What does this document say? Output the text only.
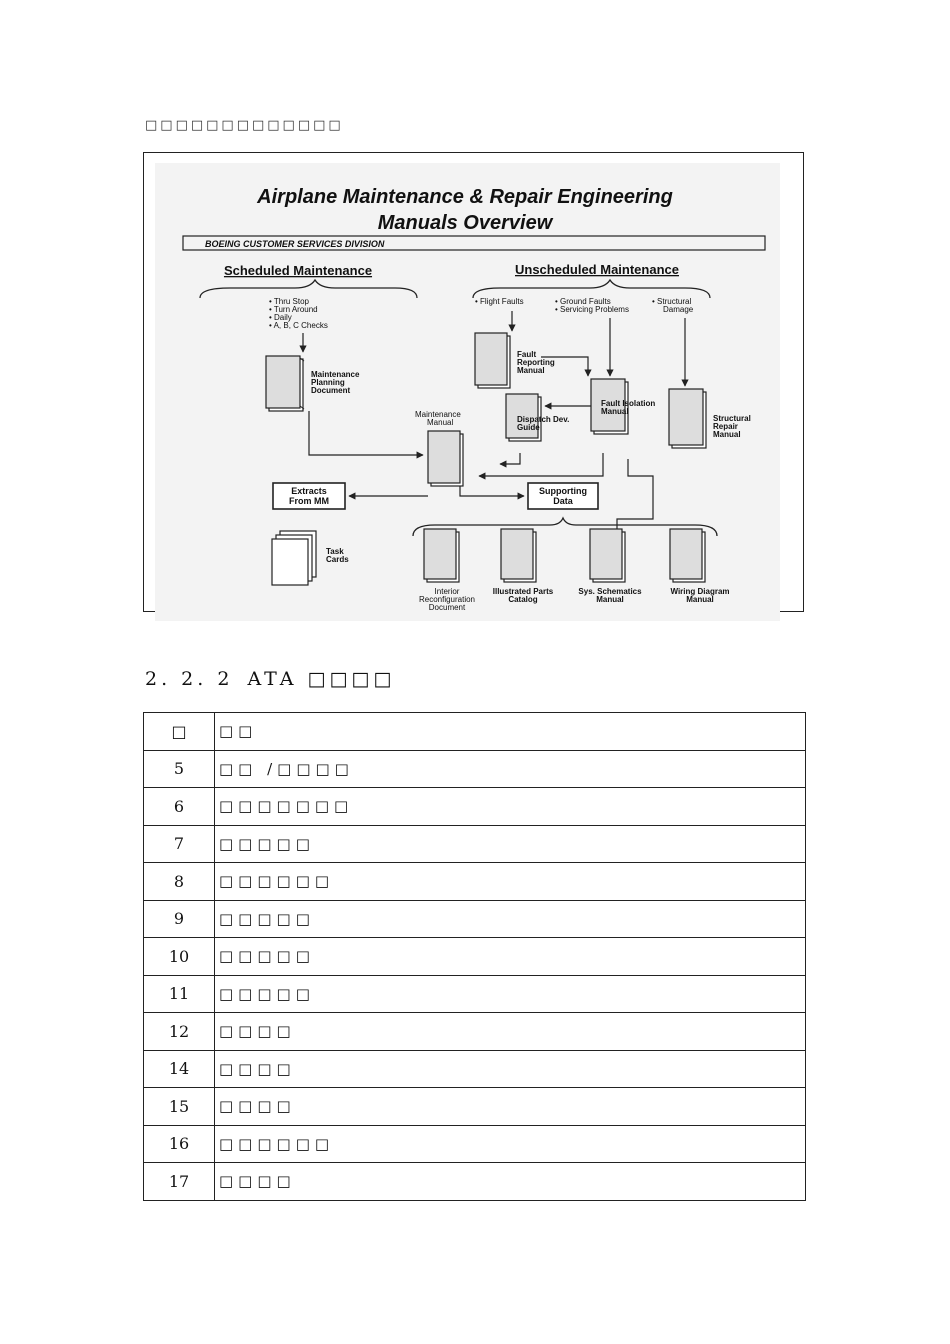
□□□□□□□□□□□□□
Airplane Maintenance & Repair Engineering
Manuals Overview
BOEING CUSTOMER SERVICES DIVISION
Scheduled Maintenance	Unscheduled Maintenance
• Thru Stop
• Turn Around
• Daily
• A, B, C Checks
• Flight Faults	• Ground Faults
• Servicing Problems
• Structural
Damage
Maintenance
Planning
Document
Fault
Reporting
Manual
Fault Isolation
Manual
Dispatch Dev.
Guide
Structural
Repair
Manual
Maintenance
Manual
Extracts
From MM
Supporting
Data
Task
Cards
Interior
Reconfiguration
Document
Illustrated Parts
Catalog
Sys. Schematics
Manual
Wiring Diagram
Manual
2. 2. 2 ATA □□□□
□	□□
5	□□ /□□□□
6	□□□□□□□
7	□□□□□
8	□□□□□□
9	□□□□□
10	□□□□□
11	□□□□□
12	□□□□
14	□□□□
15	□□□□
16	□□□□□□
17	□□□□
